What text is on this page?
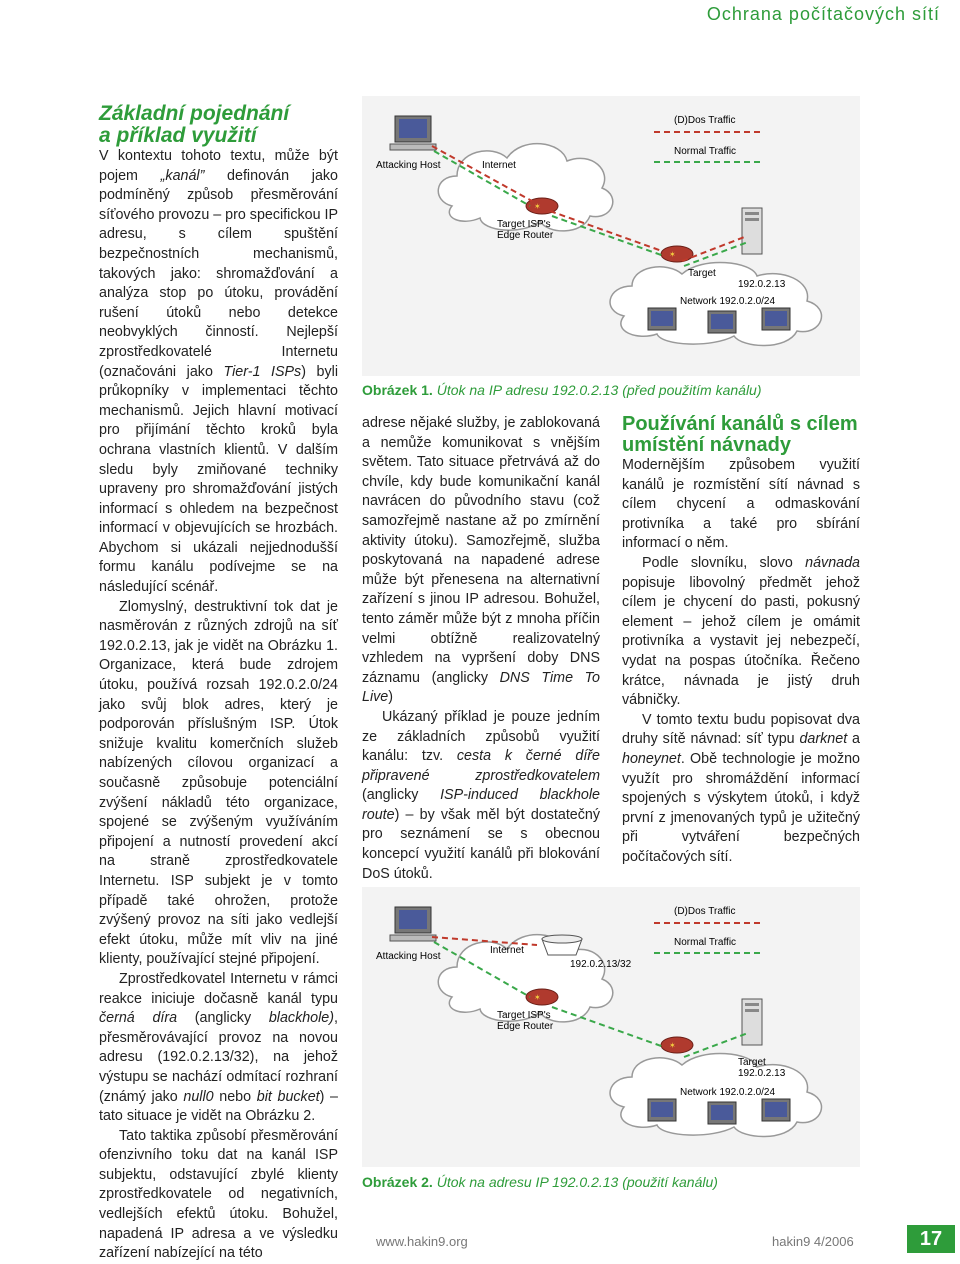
Ochrana počítačových sítí
Základní pojednání
a příklad využití

V kontextu tohoto textu, může být pojem „kanál” definován jako podmíněný způsob přesměrování síťového provozu – pro specifickou IP adresu, s cílem spuštění bezpečnostních mechanismů, takových jako: shromažďování a analýza stop po útoku, provádění rušení útoků nebo detekce neobvyklých činností. Nejlepší zprostředkovatelé Internetu (označováni jako Tier-1 ISPs) byli průkopníky v implementaci těchto mechanismů. Jejich hlavní motivací pro přijímání těchto kroků byla ochrana vlastních klientů. V dalším sledu byly zmiňované techniky upraveny pro shromažďování jistých informací s ohledem na bezpečnost informací v objevujících se hrozbách. Abychom si ukázali nejjednodušší formu kanálu podívejme se na následující scénář.

Zlomyslný, destruktivní tok dat je nasměrován z různých zdrojů na síť 192.0.2.13, jak je vidět na Obrázku 1. Organizace, která bude zdrojem útoku, používá rozsah 192.0.2.0/24 jako svůj blok adres, který je podporován příslušným ISP. Útok snižuje kvalitu komerčních služeb nabízených cílovou organizací a současně způsobuje potenciální zvýšení nákladů této organizace, spojené se zvýšeným využíváním připojení a nutností provedení akcí na straně zprostředkovatele Internetu. ISP subjekt je v tomto případě také ohrožen, protože zvýšený provoz na síti jako vedlejší efekt útoku, může mít vliv na jiné klienty, používající stejné připojení.

Zprostředkovatel Internetu v rámci reakce iniciuje dočasně kanál typu černá díra (anglicky blackhole), přesměrovávající provoz na novou adresu (192.0.2.13/32), na jehož výstupu se nachází odmítací rozhraní (známý jako null0 nebo bit bucket) – tato situace je vidět na Obrázku 2.

Tato taktika způsobí přesměrování ofenzivního toku dat na kanál ISP subjektu, odstavující zbylé klienty zprostředkovatele od negativních, vedlejších efektů útoku. Bohužel, napadená IP adresa a ve výsledku zařízení nabízející na této

Internet
Attacking Host
✶
Target ISP's
Edge Router
✶
Target
192.0.2.13
Network 192.0.2.0/24
(D)Dos Traffic
Normal Traffic
Obrázek 1. Útok na IP adresu 192.0.2.13 (před použitím kanálu)

adrese nějaké služby, je zablokovaná a nemůže komunikovat s vnějším světem. Tato situace přetrvává až do chvíle, kdy bude komunikační kanál navrácen do původního stavu (což samozřejmě nastane až po zmírnění aktivity útoku). Samozřejmě, služba poskytovaná na napadené adrese může být přenesena na alternativní zařízení s jinou IP adresou. Bohužel, tento záměr může být z mnoha příčin velmi obtížně realizovatelný vzhledem na vypršení doby DNS záznamu (anglicky DNS Time To Live)

Ukázaný příklad je pouze jedním ze základních způsobů využití kanálu: tzv. cesta k černé díře připravené zprostředkovatelem (anglicky ISP-induced blackhole route) – by však měl být dostatečný pro seznámení se s obecnou koncepcí využití kanálů při blokování DoS útoků.

Používání kanálů s cílem umístění návnady

Modernějším způsobem využití kanálů je rozmístění sítí návnad s cílem chycení a odmaskování protivníka a také pro sbírání informací o něm.

Podle slovníku, slovo návnada popisuje libovolný předmět jehož cílem je chycení do pasti, pokusný element – jehož cílem je omámit protivníka a vystavit jej nebezpečí, vydat na pospas útočníka. Řečeno krátce, návnada je jistý druh vábničky.

V tomto textu budu popisovat dva druhy sítě návnad: síť typu darknet a honeynet. Obě technologie je možno využít pro shromáždění informací spojených s výskytem útoků, i když první z jmenovaných typů je užitečný při vytváření bezpečných počítačových sítí.

Internet
Attacking Host
192.0.2.13/32
✶
Target ISP's
Edge Router
✶
Target
192.0.2.13
Network 192.0.2.0/24
(D)Dos Traffic
Normal Traffic
Obrázek 2. Útok na adresu IP 192.0.2.13 (použití kanálu)
www.hakin9.org	hakin9 4/2006	17
